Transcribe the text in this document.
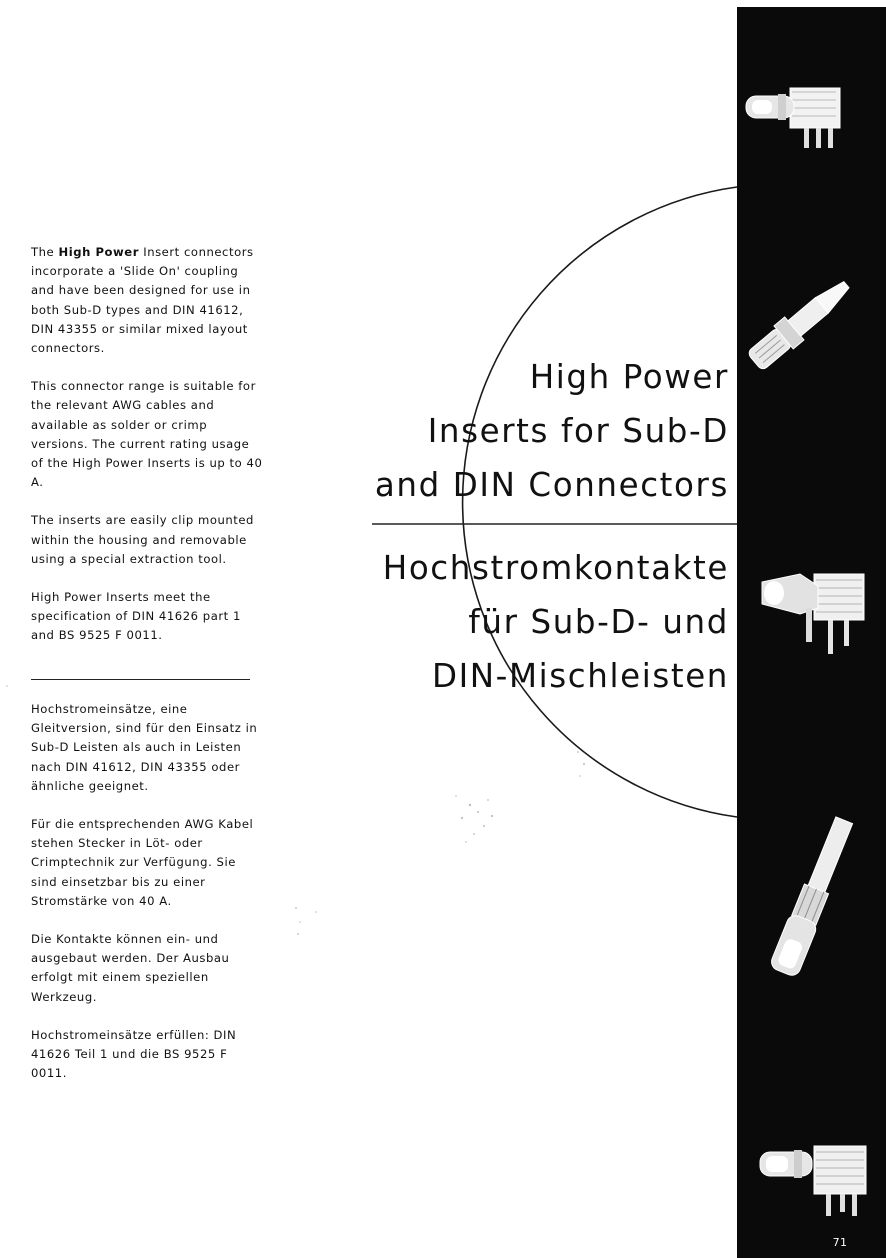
The High Power Insert connectors incorporate a 'Slide On' coupling and have been designed for use in both Sub-D types and DIN 41612, DIN 43355 or similar mixed layout connectors.

This connector range is suitable for the relevant AWG cables and available as solder or crimp versions. The current rating usage of the High Power Inserts is up to 40 A.

The inserts are easily clip mounted within the housing and removable using a special extraction tool.

High Power Inserts meet the specification of DIN 41626 part 1 and BS 9525 F 0011.

Hochstromeinsätze, eine Gleitversion, sind für den Einsatz in Sub-D Leisten als auch in Leisten nach DIN 41612, DIN 43355 oder ähnliche geeignet.

Für die entsprechenden AWG Kabel stehen Stecker in Löt- oder Crimptechnik zur Verfügung. Sie sind einsetzbar bis zu einer Stromstärke von 40 A.

Die Kontakte können ein- und ausgebaut werden. Der Ausbau erfolgt mit einem speziellen Werkzeug.

Hochstromeinsätze erfüllen: DIN 41626 Teil 1 und die BS 9525 F 0011.

High Power
Inserts for Sub-D
and DIN Connectors
Hochstromkontakte
für Sub-D- und
DIN-Mischleisten
71
